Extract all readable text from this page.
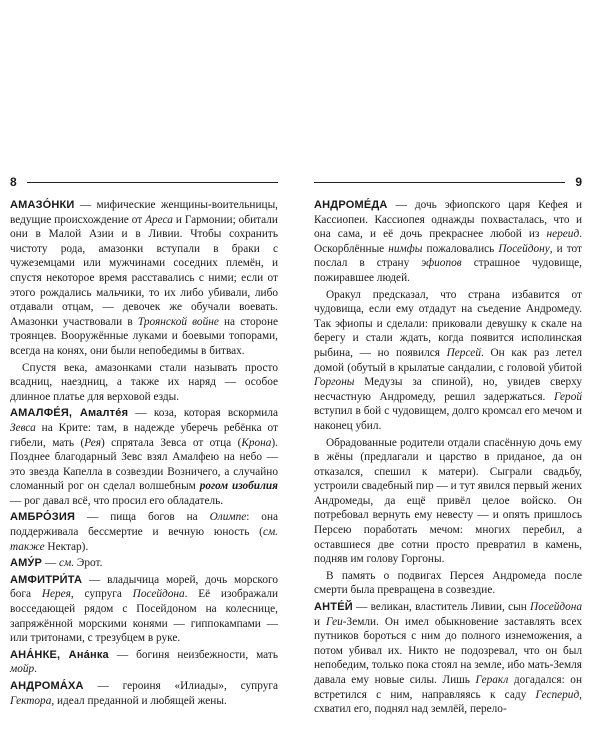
8

АМАЗО́НКИ — мифические женщины-воительницы, ведущие происхождение от Ареса и Гармонии; обитали они в Малой Азии и в Ливии. Чтобы сохранить чистоту рода, амазонки вступали в браки с чужеземцами или мужчинами соседних племён, и спустя некоторое время расставались с ними; если от этого рождались мальчики, то их либо убивали, либо отдавали отцам, — девочек же обучали воевать. Амазонки участвовали в Троянской войне на стороне троянцев. Вооружённые луками и боевыми топорами, всегда на конях, они были непобедимы в битвах.

Спустя века, амазонками стали называть просто всадниц, наездниц, а также их наряд — особое длинное платье для верховой езды.

АМАЛФЕ́Я, Амалте́я — коза, которая вскормила Зевса на Крите: там, в надежде уберечь ребёнка от гибели, мать (Рея) спрятала Зевса от отца (Крона). Позднее благодарный Зевс взял Амалфею на небо — это звезда Капелла в созвездии Возничего, а случайно сломанный рог он сделал волшебным рогом изобилия — рог давал всё, что просил его обладатель.

АМБРО́ЗИЯ — пища богов на Олимпе: она поддерживала бессмертие и вечную юность (см. также Нектар).

АМУ́Р — см. Эрот.

АМФИТРИ́ТА — владычица морей, дочь морского бога Нерея, супруга Посейдона. Её изображали восседающей рядом с Посейдоном на колеснице, запряжённой морскими конями — гиппокампами — или тритонами, с трезубцем в руке.

АНА́НКЕ, Ана́нка — богиня неизбежности, мать мойр.

АНДРОМА́ХА — героиня «Илиады», супруга Гектора, идеал преданной и любящей жены.

9

АНДРОМЕ́ДА — дочь эфиопского царя Кефея и Кассиопеи. Кассиопея однажды похвасталась, что и она сама, и её дочь прекраснее любой из нереид. Оскорблённые нимфы пожаловались Посейдону, и тот послал в страну эфиопов страшное чудовище, пожиравшее людей.

Оракул предсказал, что страна избавится от чудовища, если ему отдадут на съедение Андромеду. Так эфиопы и сделали: приковали девушку к скале на берегу и стали ждать, когда появится исполинская рыбина, — но появился Персей. Он как раз летел домой (обутый в крылатые сандалии, с головой убитой Горгоны Медузы за спиной), но, увидев сверху несчастную Андромеду, решил задержаться. Герой вступил в бой с чудовищем, долго кромсал его мечом и наконец убил.

Обрадованные родители отдали спасённую дочь ему в жёны (предлагали и царство в приданое, да он отказался, спешил к матери). Сыграли свадьбу, устроили свадебный пир — и тут явился первый жених Андромеды, да ещё привёл целое войско. Он потребовал вернуть ему невесту — и опять пришлось Персею поработать мечом: многих перебил, а оставшиеся две сотни просто превратил в камень, подняв им голову Горгоны.

В память о подвигах Персея Андромеда после смерти была превращена в созвездие.

АНТЕ́Й — великан, властитель Ливии, сын Посейдона и Геи-Земли. Он имел обыкновение заставлять всех путников бороться с ним до полного изнеможения, а потом убивал их. Никто не подозревал, что он был непобедим, только пока стоял на земле, ибо мать-Земля давала ему новые силы. Лишь Геракл догадался: он встретился с ним, направляясь к саду Гесперид, схватил его, поднял над землёй, перело-
